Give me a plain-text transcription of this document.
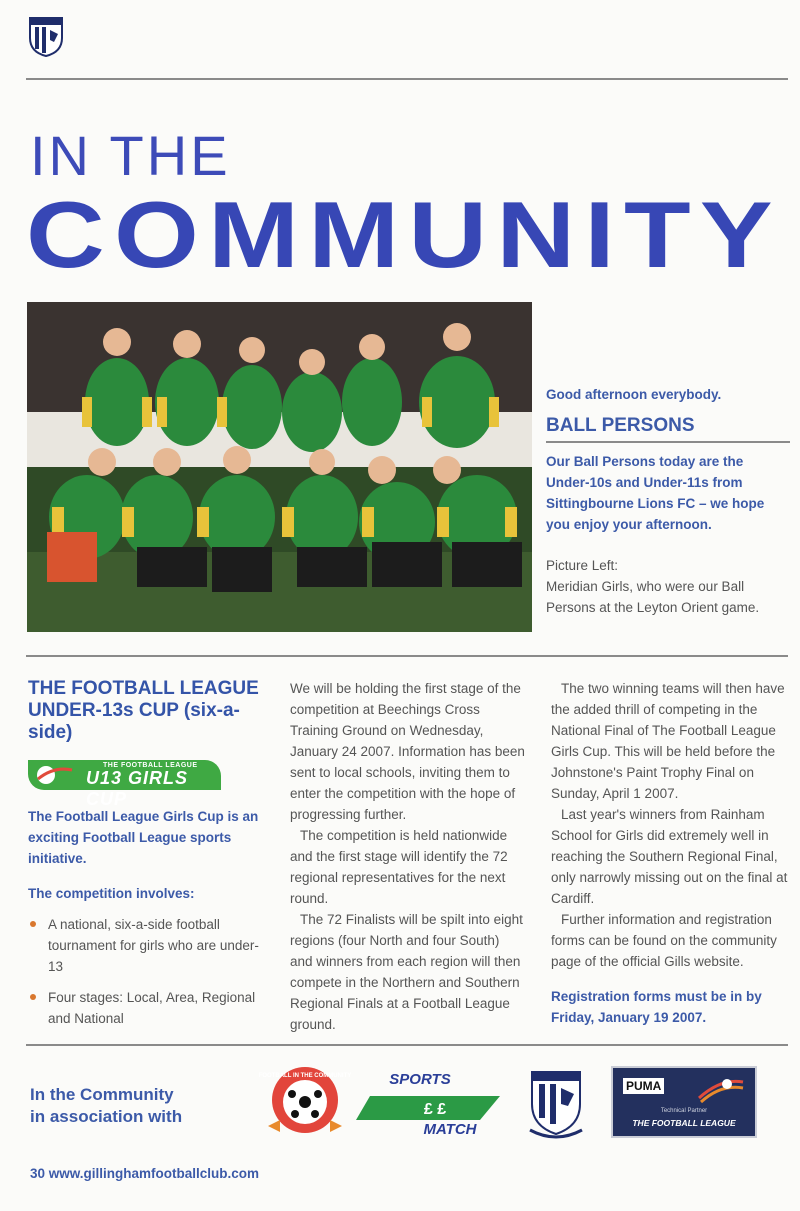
IN THE
COMMUNITY
Good afternoon everybody.
BALL PERSONS
Our Ball Persons today are the Under-10s and Under-11s from Sittingbourne Lions FC – we hope you enjoy your afternoon.
Picture Left:
Meridian Girls, who were our Ball Persons at the Leyton Orient game.
THE FOOTBALL LEAGUE UNDER-13s CUP (six-a-side)
THE FOOTBALL LEAGUE
U13 GIRLS CUP
The Football League Girls Cup is an exciting Football League sports initiative.
The competition involves:
A national, six-a-side football tournament for girls who are under-13
Four stages: Local, Area, Regional and National
We will be holding the first stage of the competition at Beechings Cross Training Ground on Wednesday, January 24 2007. Information has been sent to local schools, inviting them to enter the competition with the hope of progressing further.
The competition is held nationwide and the first stage will identify the 72 regional representatives for the next round.
The 72 Finalists will be spilt into eight regions (four North and four South) and winners from each region will then compete in the Northern and Southern Regional Finals at a Football League ground.
The two winning teams will then have the added thrill of competing in the National Final of The Football League Girls Cup. This will be held before the Johnstone's Paint Trophy Final on Sunday, April 1 2007.
Last year's winners from Rainham School for Girls did extremely well in reaching the Southern Regional Final, only narrowly missing out on the final at Cardiff.
Further information and registration forms can be found on the community page of the official Gills website.
Registration forms must be in by Friday, January 19 2007.
In the Community
in association with
FOOTBALL IN THE COMMUNITY	SPORTS
£ £
MATCH
PUMA
Technical Partner
THE FOOTBALL LEAGUE
30 www.gillinghamfootballclub.com
